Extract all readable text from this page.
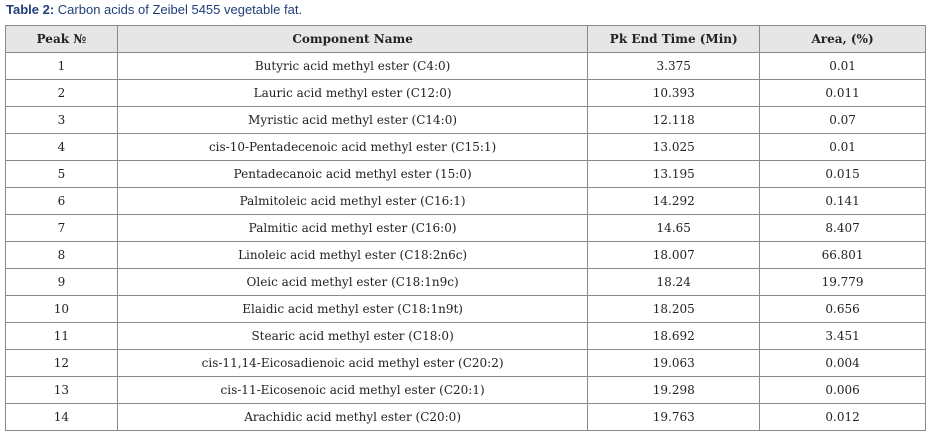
Table 2: Carbon acids of Zeibel 5455 vegetable fat.
Peak №	Component Name	Pk End Time (Min)	Area, (%)
1	Butyric acid methyl ester (C4:0)	3.375	0.01
2	Lauric acid methyl ester (C12:0)	10.393	0.011
3	Myristic acid methyl ester (C14:0)	12.118	0.07
4	cis-10-Pentadecenoic acid methyl ester (C15:1)	13.025	0.01
5	Pentadecanoic acid methyl ester (15:0)	13.195	0.015
6	Palmitoleic acid methyl ester (C16:1)	14.292	0.141
7	Palmitic acid methyl ester (C16:0)	14.65	8.407
8	Linoleic acid methyl ester (C18:2n6c)	18.007	66.801
9	Oleic acid methyl ester (C18:1n9c)	18.24	19.779
10	Elaidic acid methyl ester (C18:1n9t)	18.205	0.656
11	Stearic acid methyl ester (C18:0)	18.692	3.451
12	cis-11,14-Eicosadienoic acid methyl ester (C20:2)	19.063	0.004
13	cis-11-Eicosenoic acid methyl ester (C20:1)	19.298	0.006
14	Arachidic acid methyl ester (C20:0)	19.763	0.012
